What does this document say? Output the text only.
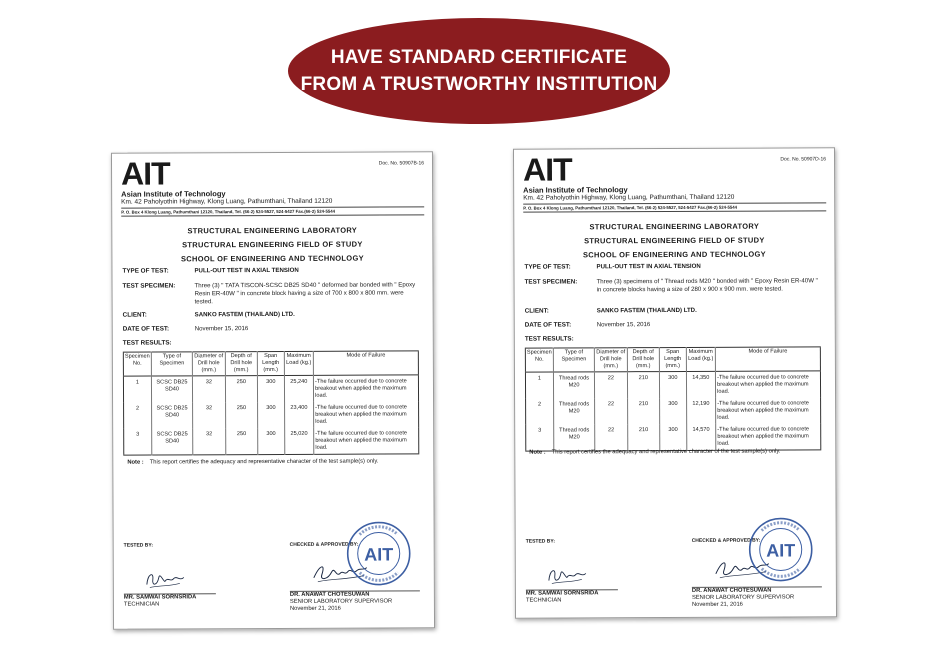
HAVE STANDARD CERTIFICATE
FROM A TRUSTWORTHY INSTITUTION
AIT	Doc. No. 50907B-16
Asian Institute of Technology
Km. 42 Paholyothin Highway, Klong Luang, Pathumthani, Thailand 12120
P. O. Box 4 Klong Luang, Pathumthani 12120, Thailand, Tel. (66-2) 524-5527, 524-5427 Fax.(66-2) 524-5544
STRUCTURAL ENGINEERING LABORATORY
STRUCTURAL ENGINEERING FIELD OF STUDY
SCHOOL OF ENGINEERING AND TECHNOLOGY
TYPE OF TEST:	PULL-OUT TEST IN AXIAL TENSION
TEST SPECIMEN:	Three (3) " TATA TISCON-SCSC DB25 SD40 " deformed bar bonded with " Epoxy Resin ER-40W " in concrete block having a size of 700 x 800 x 800 mm. were tested.
CLIENT:	SANKO FASTEM (THAILAND) LTD.
DATE OF TEST:	November 15, 2016
TEST RESULTS:
Specimen No.	Type of Specimen	Diameter of Drill hole (mm.)	Depth of Drill hole (mm.)	Span Length (mm.)	Maximum Load (kg.)	Mode of Failure
1	SCSC DB25 SD40	32	250	300	25,240	-The failure occurred due to concrete breakout when applied the maximum load.
2	SCSC DB25 SD40	32	250	300	23,400	-The failure occurred due to concrete breakout when applied the maximum load.
3	SCSC DB25 SD40	32	250	300	25,020	-The failure occurred due to concrete breakout when applied the maximum load.
Note : This report certifies the adequacy and representative character of the test sample(s) only.
TESTED BY:	CHECKED & APPROVED BY: AIT
MR. SAMWAI SORNSRIDA
TECHNICIAN
DR. ANAWAT CHOTESUWAN
SENIOR LABORATORY SUPERVISOR
November 21, 2016
AIT	Doc. No. 50907D-16
Asian Institute of Technology
Km. 42 Paholyothin Highway, Klong Luang, Pathumthani, Thailand 12120
P. O. Box 4 Klong Luang, Pathumthani 12120, Thailand, Tel. (66-2) 524-5527, 524-5427 Fax.(66-2) 524-5544
STRUCTURAL ENGINEERING LABORATORY
STRUCTURAL ENGINEERING FIELD OF STUDY
SCHOOL OF ENGINEERING AND TECHNOLOGY
TYPE OF TEST:	PULL-OUT TEST IN AXIAL TENSION
TEST SPECIMEN:	Three (3) specimens of " Thread rods M20 " bonded with " Epoxy Resin ER-40W " in concrete blocks having a size of 280 x 900 x 900 mm. were tested.
CLIENT:	SANKO FASTEM (THAILAND) LTD.
DATE OF TEST:	November 15, 2016
TEST RESULTS:
Specimen No.	Type of Specimen	Diameter of Drill hole (mm.)	Depth of Drill hole (mm.)	Span Length (mm.)	Maximum Load (kg.)	Mode of Failure
1	Thread rods M20	22	210	300	14,350	-The failure occurred due to concrete breakout when applied the maximum load.
2	Thread rods M20	22	210	300	12,190	-The failure occurred due to concrete breakout when applied the maximum load.
3	Thread rods M20	22	210	300	14,570	-The failure occurred due to concrete breakout when applied the maximum load.
Note : This report certifies the adequacy and representative character of the test sample(s) only.
TESTED BY:	CHECKED & APPROVED BY: AIT
MR. SAMWAI SORNSRIDA
TECHNICIAN
DR. ANAWAT CHOTESUWAN
SENIOR LABORATORY SUPERVISOR
November 21, 2016
